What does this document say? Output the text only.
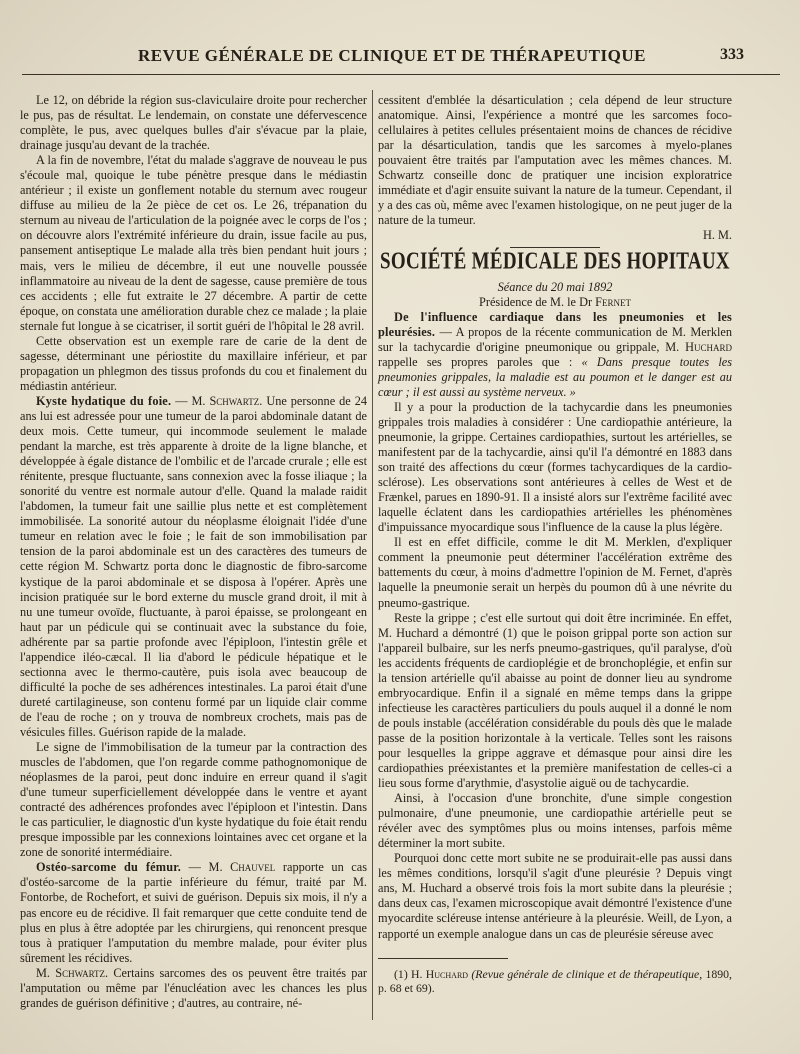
REVUE GÉNÉRALE DE CLINIQUE ET DE THÉRAPEUTIQUE	333

Le 12, on débride la région sus-claviculaire droite pour rechercher le pus, pas de résultat. Le lendemain, on constate une défervescence complète, le pus, avec quelques bulles d'air s'évacue par la plaie, drainage jusqu'au devant de la trachée.

A la fin de novembre, l'état du malade s'aggrave de nouveau le pus s'écoule mal, quoique le tube pénètre presque dans le médiastin antérieur ; il existe un gonflement notable du sternum avec rougeur diffuse au milieu de la 2e pièce de cet os. Le 26, trépanation du sternum au niveau de l'articulation de la poignée avec le corps de l'os ; on découvre alors l'extrémité inférieure du drain, issue facile au pus, pansement antiseptique Le malade alla très bien pendant huit jours ; mais, vers le milieu de décembre, il eut une nouvelle poussée inflammatoire au niveau de la dent de sagesse, cause première de tous ces accidents ; elle fut extraite le 27 décembre. A partir de cette époque, on constata une amélioration durable chez ce malade ; la plaie sternale fut longue à se cicatriser, il sortit guéri de l'hôpital le 28 avril.

Cette observation est un exemple rare de carie de la dent de sagesse, déterminant une périostite du maxillaire inférieur, et par propagation un phlegmon des tissus profonds du cou et finalement du médiastin antérieur.

Kyste hydatique du foie. — M. Schwartz. Une personne de 24 ans lui est adressée pour une tumeur de la paroi abdominale datant de deux mois. Cette tumeur, qui incommode seulement le malade pendant la marche, est très apparente à droite de la ligne blanche, et développée à égale distance de l'ombilic et de l'arcade crurale ; elle est rénitente, presque fluctuante, sans connexion avec la fosse iliaque ; la sonorité du ventre est normale autour d'elle. Quand la malade raidit l'abdomen, la tumeur fait une saillie plus nette et est complètement immobilisée. La sonorité autour du néoplasme éloignait l'idée d'une tumeur en relation avec le foie ; le fait de son immobilisation par tension de la paroi abdominale est un des caractères des tumeurs de cette région M. Schwartz porta donc le diagnostic de fibro-sarcome kystique de la paroi abdominale et se disposa à l'opérer. Après une incision pratiquée sur le bord externe du muscle grand droit, il mit à nu une tumeur ovoïde, fluctuante, à paroi épaisse, se prolongeant en haut par un pédicule qui se continuait avec la substance du foie, adhérente par sa partie profonde avec l'épiploon, l'intestin grêle et l'appendice iléo-cæcal. Il lia d'abord le pédicule hépatique et le sectionna avec le thermo-cautère, puis isola avec beaucoup de difficulté la poche de ses adhérences intestinales. La paroi était d'une dureté cartilagineuse, son contenu formé par un liquide clair comme de l'eau de roche ; on y trouva de nombreux crochets, mais pas de vésicules filles. Guérison rapide de la malade.

Le signe de l'immobilisation de la tumeur par la contraction des muscles de l'abdomen, que l'on regarde comme pathognomonique de néoplasmes de la paroi, peut donc induire en erreur quand il s'agit d'une tumeur superficiellement développée dans le ventre et ayant contracté des adhérences profondes avec l'épiploon et l'intestin. Dans le cas particulier, le diagnostic d'un kyste hydatique du foie était rendu presque impossible par les connexions lointaines avec cet organe et la zone de sonorité intermédiaire.

Ostéo-sarcome du fémur. — M. Chauvel rapporte un cas d'ostéo-sarcome de la partie inférieure du fémur, traité par M. Fontorbe, de Rochefort, et suivi de guérison. Depuis six mois, il n'y a pas encore eu de récidive. Il fait remarquer que cette conduite tend de plus en plus à être adoptée par les chirurgiens, qui renoncent presque tous à pratiquer l'amputation du membre malade, pour éviter plus sûrement les récidives.

M. Schwartz. Certains sarcomes des os peuvent être traités par l'amputation ou même par l'énucléation avec les chances les plus grandes de guérison définitive ; d'autres, au contraire, né-

cessitent d'emblée la désarticulation ; cela dépend de leur structure anatomique. Ainsi, l'expérience a montré que les sarcomes foco-cellulaires à petites cellules présentaient moins de chances de récidive par la désarticulation, tandis que les sarcomes à myelo-planes pouvaient être traités par l'amputation avec les mêmes chances. M. Schwartz conseille donc de pratiquer une incision exploratrice immédiate et d'agir ensuite suivant la nature de la tumeur. Cependant, il y a des cas où, même avec l'examen histologique, on ne peut juger de la nature de la tumeur.

H. M.

SOCIÉTÉ MÉDICALE DES HOPITAUX

Séance du 20 mai 1892

Présidence de M. le Dr Fernet

De l'influence cardiaque dans les pneumonies et les pleurésies. — A propos de la récente communication de M. Merklen sur la tachycardie d'origine pneumonique ou grippale, M. Huchard rappelle ses propres paroles que : « Dans presque toutes les pneumonies grippales, la maladie est au poumon et le danger est au cœur ; il est aussi au système nerveux. »

Il y a pour la production de la tachycardie dans les pneumonies grippales trois maladies à considérer : Une cardiopathie antérieure, la pneumonie, la grippe. Certaines cardiopathies, surtout les artérielles, se manifestent par de la tachycardie, ainsi qu'il l'a démontré en 1883 dans son traité des affections du cœur (formes tachycardiques de la cardio-sclérose). Les observations sont antérieures à celles de West et de Frænkel, parues en 1890-91. Il a insisté alors sur l'extrême facilité avec laquelle éclatent dans les cardiopathies artérielles les phénomènes d'impuissance myocardique sous l'influence de la cause la plus légère.

Il est en effet difficile, comme le dit M. Merklen, d'expliquer comment la pneumonie peut déterminer l'accélération extrême des battements du cœur, à moins d'admettre l'opinion de M. Fernet, d'après laquelle la pneumonie serait un herpès du poumon dû à une névrite du pneumo-gastrique.

Reste la grippe ; c'est elle surtout qui doit être incriminée. En effet, M. Huchard a démontré (1) que le poison grippal porte son action sur l'appareil bulbaire, sur les nerfs pneumo-gastriques, qu'il paralyse, d'où les accidents fréquents de cardioplégie et de bronchoplégie, et enfin sur la tension artérielle qu'il abaisse au point de donner lieu au syndrome embryocardique. Enfin il a signalé en même temps dans la grippe infectieuse les caractères particuliers du pouls auquel il a donné le nom de pouls instable (accélération considérable du pouls dès que le malade passe de la position horizontale à la verticale. Telles sont les raisons pour lesquelles la grippe aggrave et démasque pour ainsi dire les cardiopathies préexistantes et la première manifestation de celles-ci a lieu sous forme d'arythmie, d'asystolie aiguë ou de tachycardie.

Ainsi, à l'occasion d'une bronchite, d'une simple congestion pulmonaire, d'une pneumonie, une cardiopathie artérielle peut se révéler avec des symptômes plus ou moins intenses, parfois même déterminer la mort subite.

Pourquoi donc cette mort subite ne se produirait-elle pas aussi dans les mêmes conditions, lorsqu'il s'agit d'une pleurésie ? Depuis vingt ans, M. Huchard a observé trois fois la mort subite dans la pleurésie ; dans deux cas, l'examen microscopique avait démontré l'existence d'une myocardite scléreuse intense antérieure à la pleurésie. Weill, de Lyon, a rapporté un exemple analogue dans un cas de pleurésie séreuse avec

(1) H. Huchard (Revue générale de clinique et de thérapeutique, 1890, p. 68 et 69).
